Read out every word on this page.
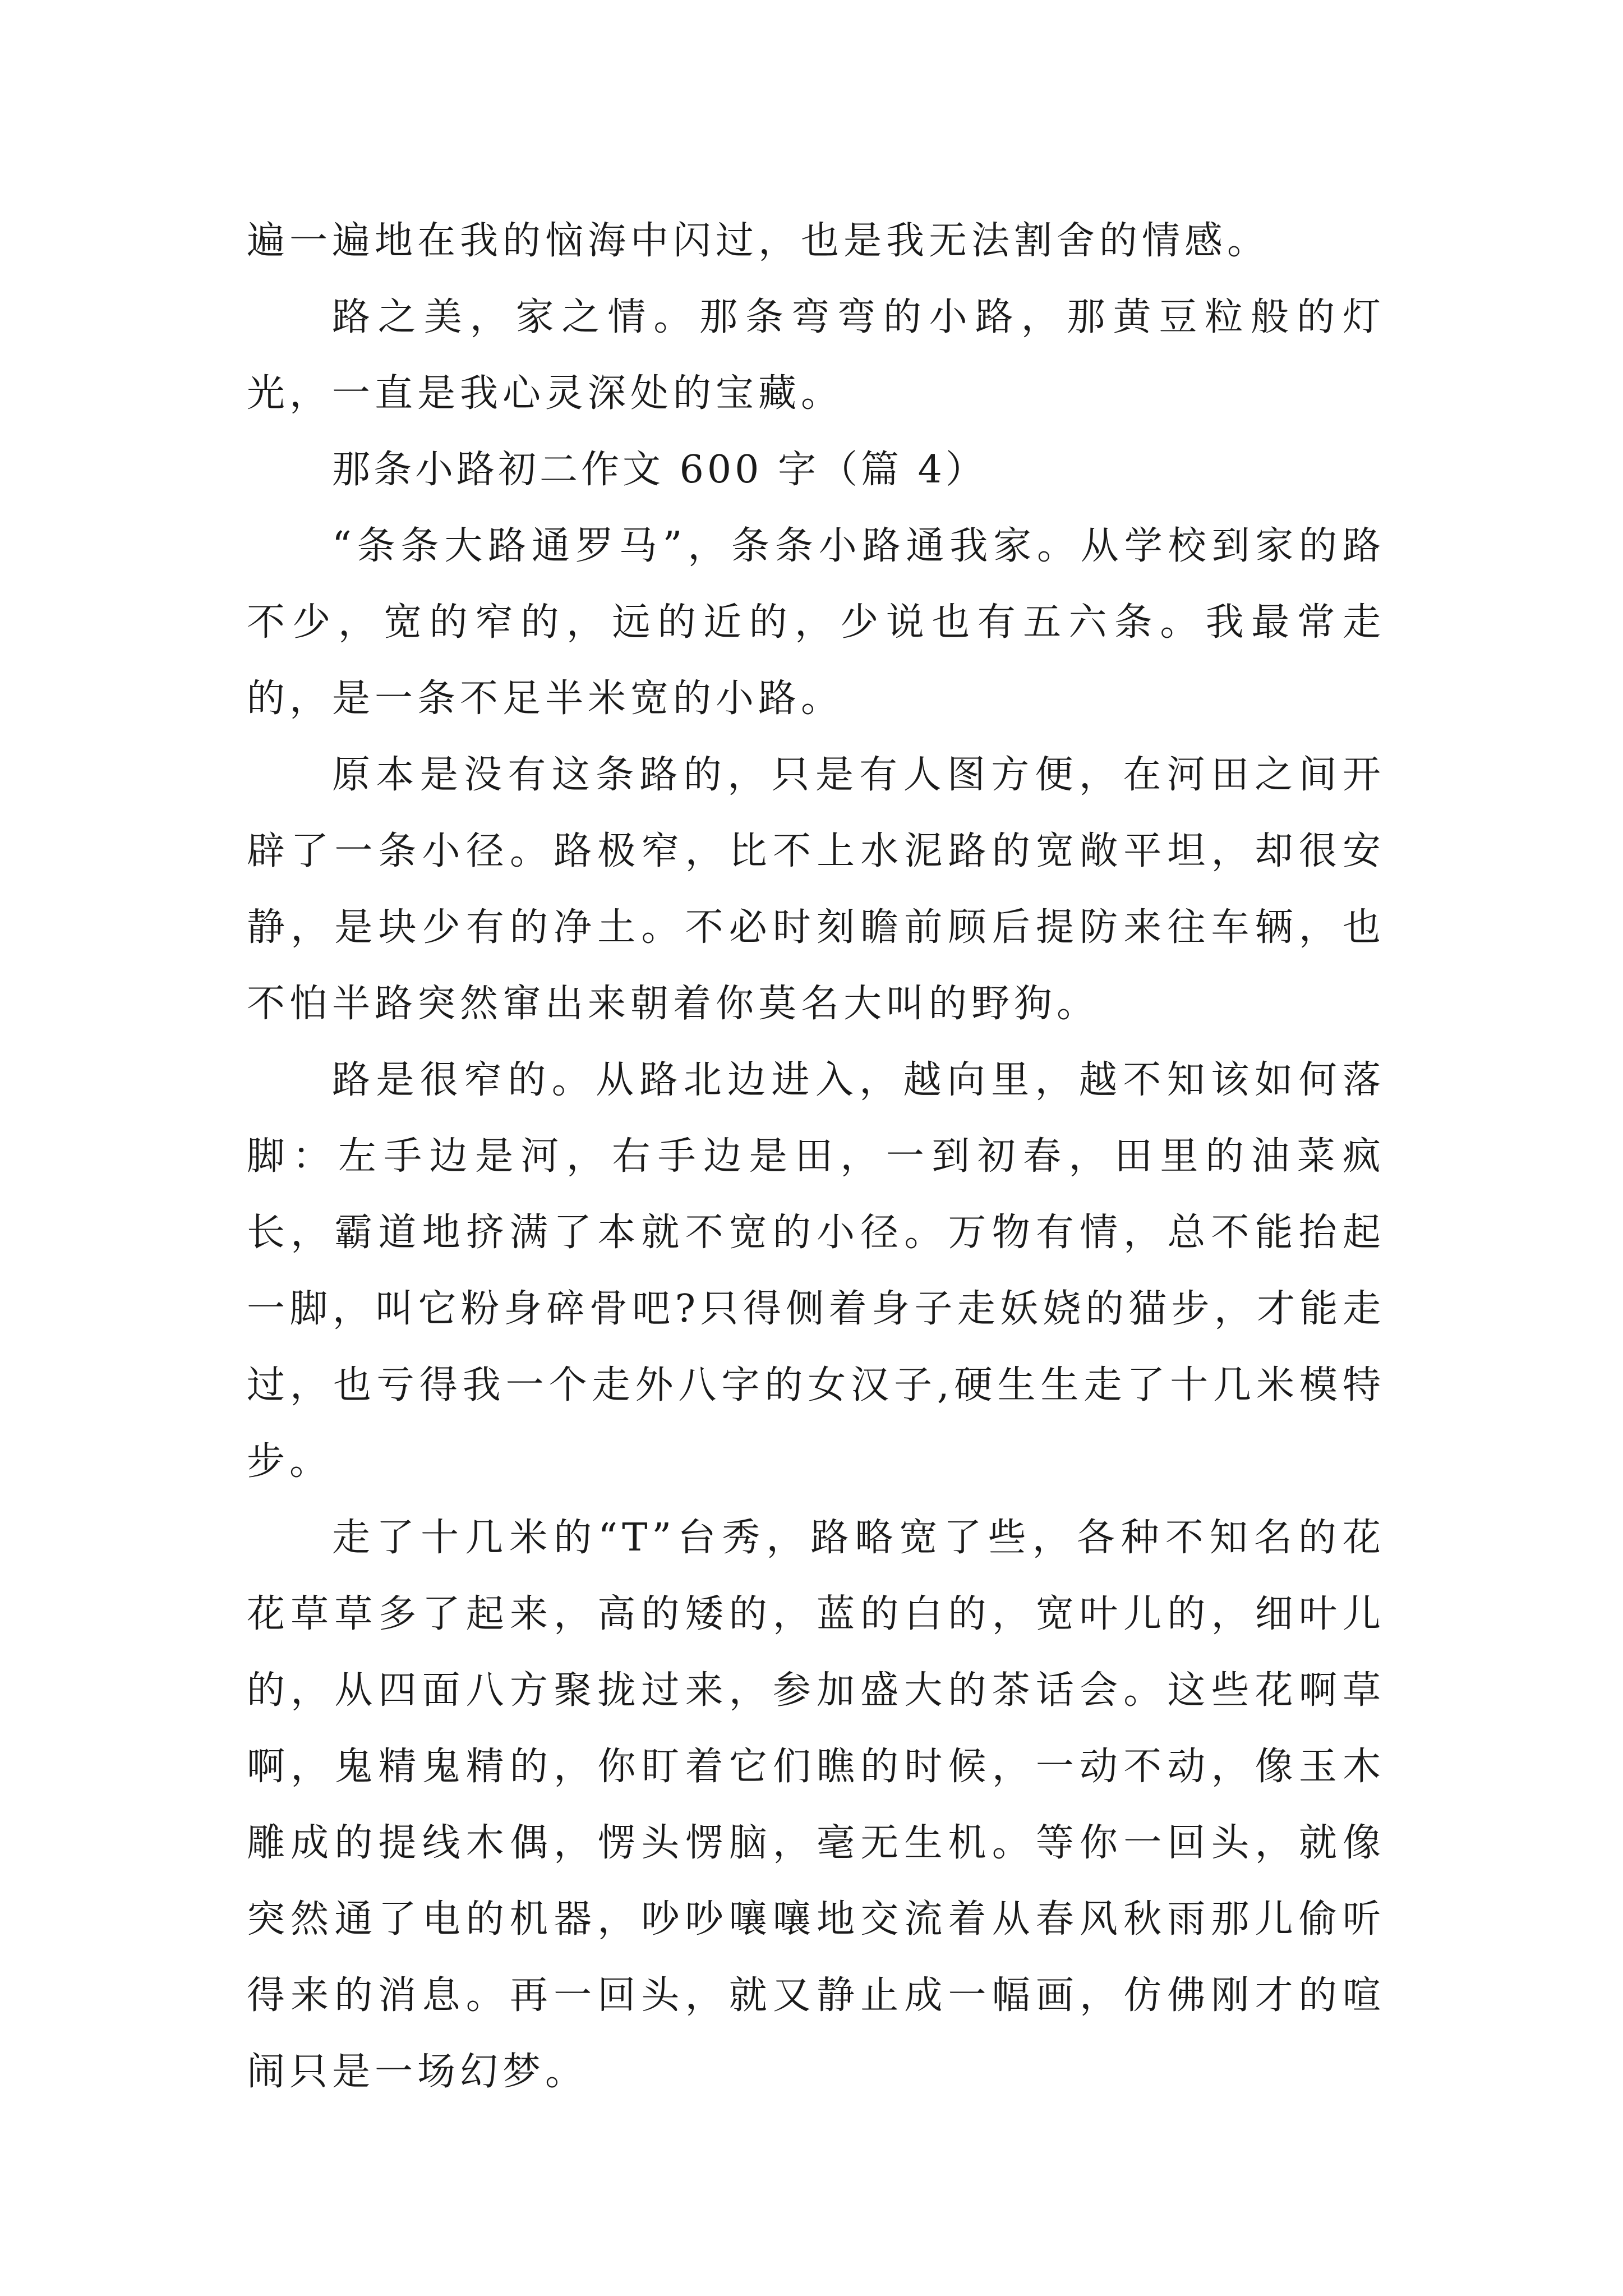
遍一遍地在我的恼海中闪过，也是我无法割舍的情感。

路之美，家之情。那条弯弯的小路，那黄豆粒般的灯光，一直是我心灵深处的宝藏。

那条小路初二作文 600 字（篇 4）

“条条大路通罗马”，条条小路通我家。从学校到家的路不少，宽的窄的，远的近的，少说也有五六条。我最常走的，是一条不足半米宽的小路。

原本是没有这条路的，只是有人图方便，在河田之间开辟了一条小径。路极窄，比不上水泥路的宽敞平坦，却很安静，是块少有的净土。不必时刻瞻前顾后提防来往车辆，也不怕半路突然窜出来朝着你莫名大叫的野狗。

路是很窄的。从路北边进入，越向里，越不知该如何落脚：左手边是河，右手边是田，一到初春，田里的油菜疯长，霸道地挤满了本就不宽的小径。万物有情，总不能抬起一脚，叫它粉身碎骨吧?只得侧着身子走妖娆的猫步，才能走过，也亏得我一个走外八字的女汉子,硬生生走了十几米模特步。

走了十几米的“T”台秀，路略宽了些，各种不知名的花花草草多了起来，高的矮的，蓝的白的，宽叶儿的，细叶儿的，从四面八方聚拢过来，参加盛大的茶话会。这些花啊草啊，鬼精鬼精的，你盯着它们瞧的时候，一动不动，像玉木雕成的提线木偶，愣头愣脑，毫无生机。等你一回头，就像突然通了电的机器，吵吵嚷嚷地交流着从春风秋雨那儿偷听得来的消息。再一回头，就又静止成一幅画，仿佛刚才的喧闹只是一场幻梦。
